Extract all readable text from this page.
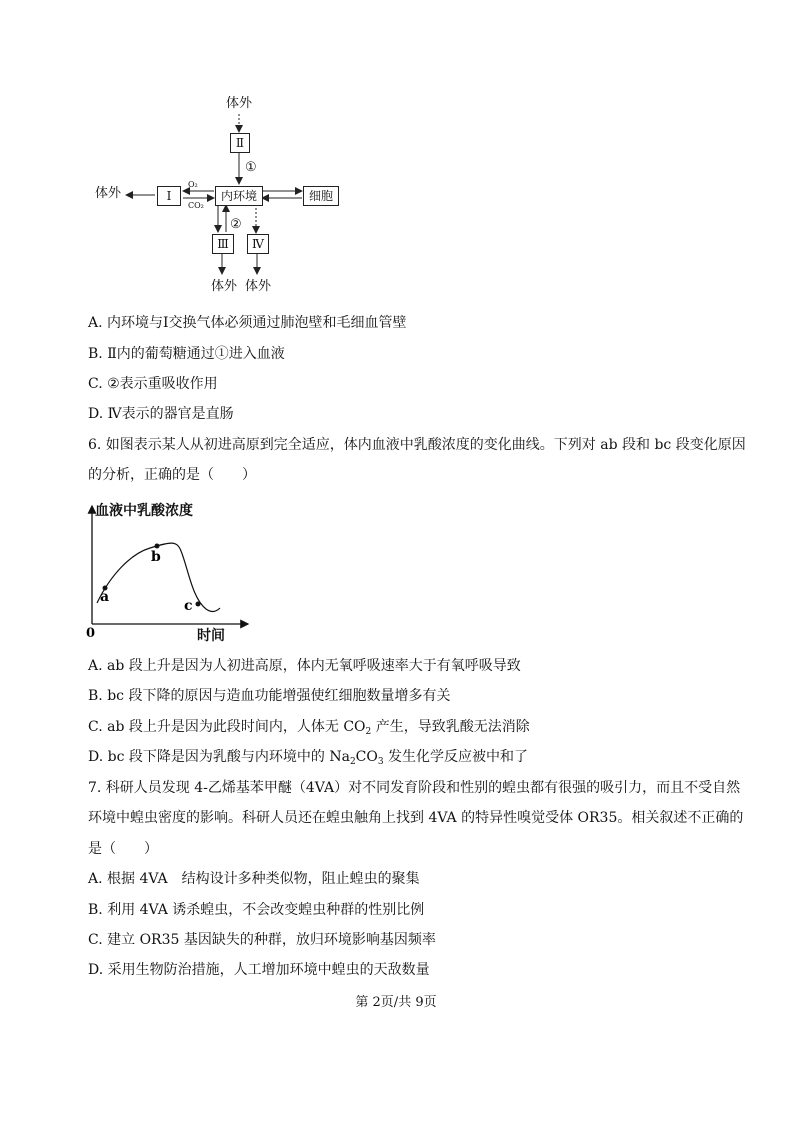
体外
Ⅱ
①
体外	Ⅰ
O₂
CO₂
内环境	细胞
②
Ⅲ	Ⅳ
体外 体外
A. 内环境与Ⅰ交换气体必须通过肺泡壁和毛细血管壁
B. Ⅱ内的葡萄糖通过①进入血液
C. ②表示重吸收作用
D. Ⅳ表示的器官是直肠
6. 如图表示某人从初进高原到完全适应，体内血液中乳酸浓度的变化曲线。下列对 ab 段和 bc 段变化原因
的分析，正确的是（　　）
a
b
c
0
血液中乳酸浓度
时间
A. ab 段上升是因为人初进高原，体内无氧呼吸速率大于有氧呼吸导致
B. bc 段下降的原因与造血功能增强使红细胞数量增多有关
C. ab 段上升是因为此段时间内，人体无 $CO_2$ 产生，导致乳酸无法消除
D. bc 段下降是因为乳酸与内环境中的 $Na_2CO_3$ 发生化学反应被中和了
7. 科研人员发现 4-乙烯基苯甲醚（4VA）对不同发育阶段和性别的蝗虫都有很强的吸引力，而且不受自然
环境中蝗虫密度的影响。科研人员还在蝗虫触角上找到 4VA 的特异性嗅觉受体 OR35。相关叙述不正确的
是（　　）
A. 根据 4VA　结构设计多种类似物，阻止蝗虫的聚集
B. 利用 4VA 诱杀蝗虫，不会改变蝗虫种群的性别比例
C. 建立 OR35 基因缺失的种群，放归环境影响基因频率
D. 采用生物防治措施，人工增加环境中蝗虫的天敌数量
第 2页/共 9页
